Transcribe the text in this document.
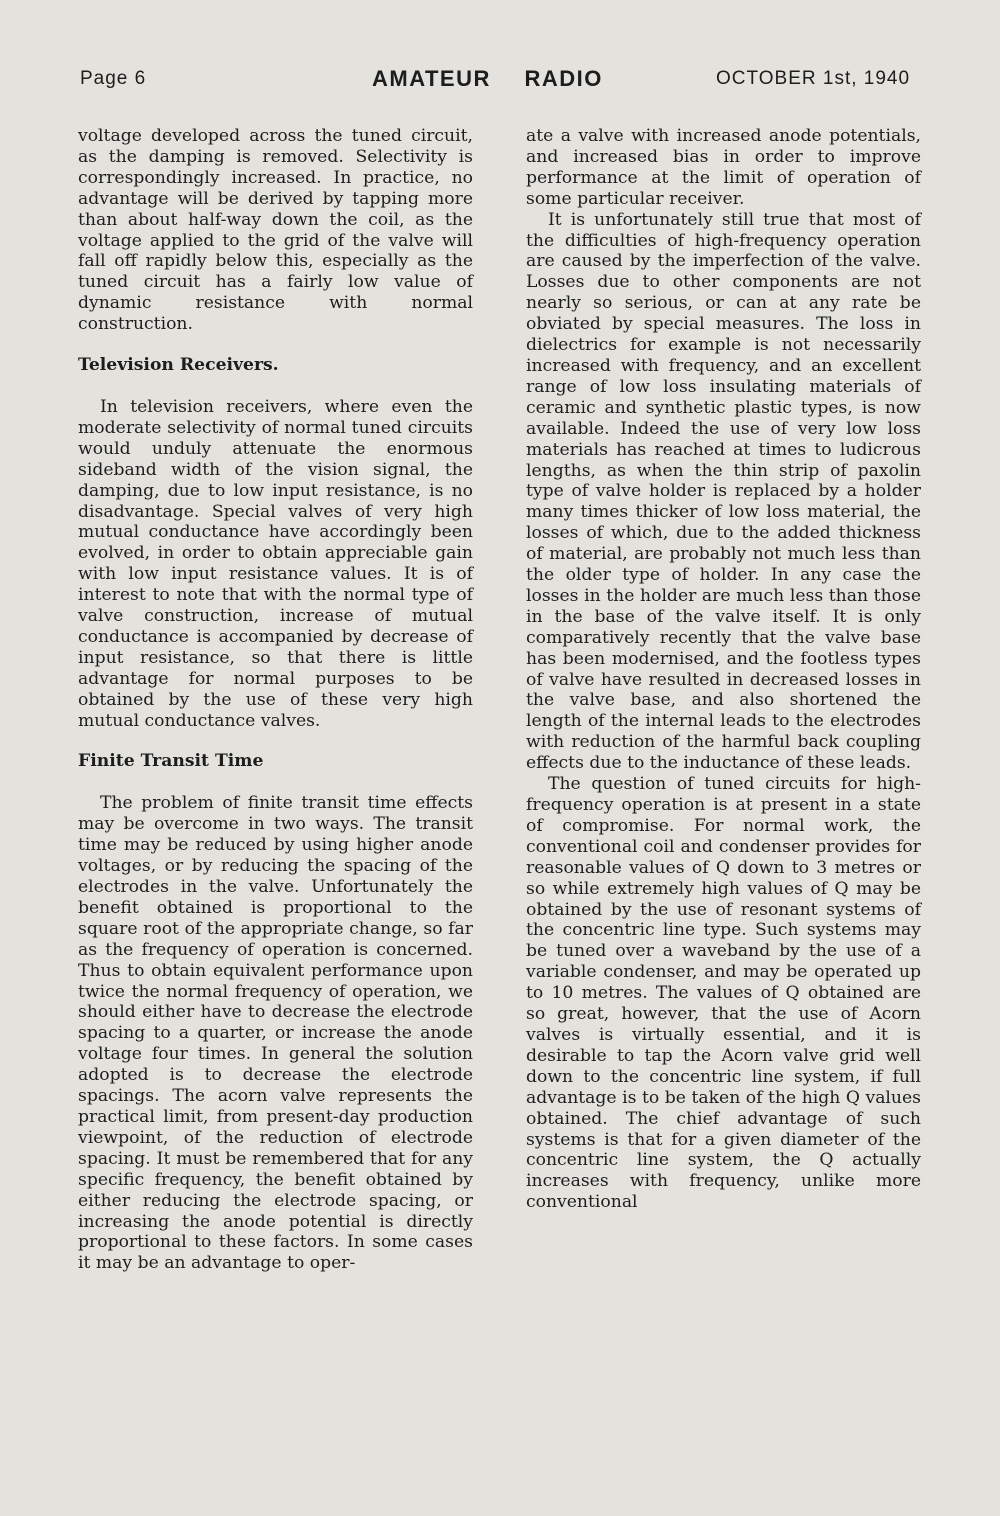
Page 6	AMATEUR RADIO	OCTOBER 1st, 1940

voltage developed across the tuned circuit, as the damping is removed. Selectivity is correspondingly increased. In practice, no advantage will be derived by tapping more than about half-way down the coil, as the voltage applied to the grid of the valve will fall off rapidly below this, especially as the tuned circuit has a fairly low value of dynamic resistance with normal construction.

Television Receivers.

In television receivers, where even the moderate selectivity of normal tuned circuits would unduly attenuate the enormous sideband width of the vision signal, the damping, due to low input resistance, is no disadvantage. Special valves of very high mutual conductance have accordingly been evolved, in order to obtain appreciable gain with low input resistance values. It is of interest to note that with the normal type of valve construction, increase of mutual conductance is accompanied by decrease of input resistance, so that there is little advantage for normal purposes to be obtained by the use of these very high mutual conductance valves.

Finite Transit Time

The problem of finite transit time effects may be overcome in two ways. The transit time may be reduced by using higher anode voltages, or by reducing the spacing of the electrodes in the valve. Unfortunately the benefit obtained is proportional to the square root of the appropriate change, so far as the frequency of operation is concerned. Thus to obtain equivalent performance upon twice the normal frequency of operation, we should either have to decrease the electrode spacing to a quarter, or increase the anode voltage four times. In general the solution adopted is to decrease the electrode spacings. The acorn valve represents the practical limit, from present-day production viewpoint, of the reduction of electrode spacing. It must be remembered that for any specific frequency, the benefit obtained by either reducing the electrode spacing, or increasing the anode potential is directly proportional to these factors. In some cases it may be an advantage to oper-

ate a valve with increased anode potentials, and increased bias in order to improve performance at the limit of operation of some particular receiver.

It is unfortunately still true that most of the difficulties of high-frequency operation are caused by the imperfection of the valve. Losses due to other components are not nearly so serious, or can at any rate be obviated by special measures. The loss in dielectrics for example is not necessarily increased with frequency, and an excellent range of low loss insulating materials of ceramic and synthetic plastic types, is now available. Indeed the use of very low loss materials has reached at times to ludicrous lengths, as when the thin strip of paxolin type of valve holder is replaced by a holder many times thicker of low loss material, the losses of which, due to the added thickness of material, are probably not much less than the older type of holder. In any case the losses in the holder are much less than those in the base of the valve itself. It is only comparatively recently that the valve base has been modernised, and the footless types of valve have resulted in decreased losses in the valve base, and also shortened the length of the internal leads to the electrodes with reduction of the harmful back coupling effects due to the inductance of these leads.

The question of tuned circuits for high-frequency operation is at present in a state of compromise. For normal work, the conventional coil and condenser provides for reasonable values of Q down to 3 metres or so while extremely high values of Q may be obtained by the use of resonant systems of the concentric line type. Such systems may be tuned over a waveband by the use of a variable condenser, and may be operated up to 10 metres. The values of Q obtained are so great, however, that the use of Acorn valves is virtually essential, and it is desirable to tap the Acorn valve grid well down to the concentric line system, if full advantage is to be taken of the high Q values obtained. The chief advantage of such systems is that for a given diameter of the concentric line system, the Q actually increases with frequency, unlike more conventional
